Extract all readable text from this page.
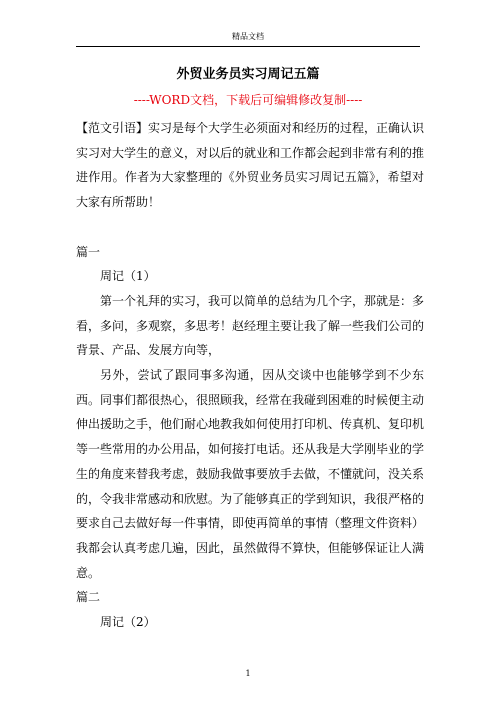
精品文档
外贸业务员实习周记五篇
----WORD文档，下载后可编辑修改复制----

【范文引语】实习是每个大学生必须面对和经历的过程，正确认识实习对大学生的意义，对以后的就业和工作都会起到非常有利的推进作用。作者为大家整理的《外贸业务员实习周记五篇》，希望对大家有所帮助！

篇一

周记（1）

第一个礼拜的实习，我可以简单的总结为几个字，那就是：多看，多问，多观察，多思考！赵经理主要让我了解一些我们公司的背景、产品、发展方向等，

另外，尝试了跟同事多沟通，因从交谈中也能够学到不少东西。同事们都很热心，很照顾我，经常在我碰到困难的时候便主动伸出援助之手，他们耐心地教我如何使用打印机、传真机、复印机等一些常用的办公用品，如何接打电话。还从我是大学刚毕业的学生的角度来替我考虑，鼓励我做事要放手去做，不懂就问，没关系的，令我非常感动和欣慰。为了能够真正的学到知识，我很严格的要求自己去做好每一件事情，即使再简单的事情（整理文件资料）我都会认真考虑几遍，因此，虽然做得不算快，但能够保证让人满意。

篇二

周记（2）

1
